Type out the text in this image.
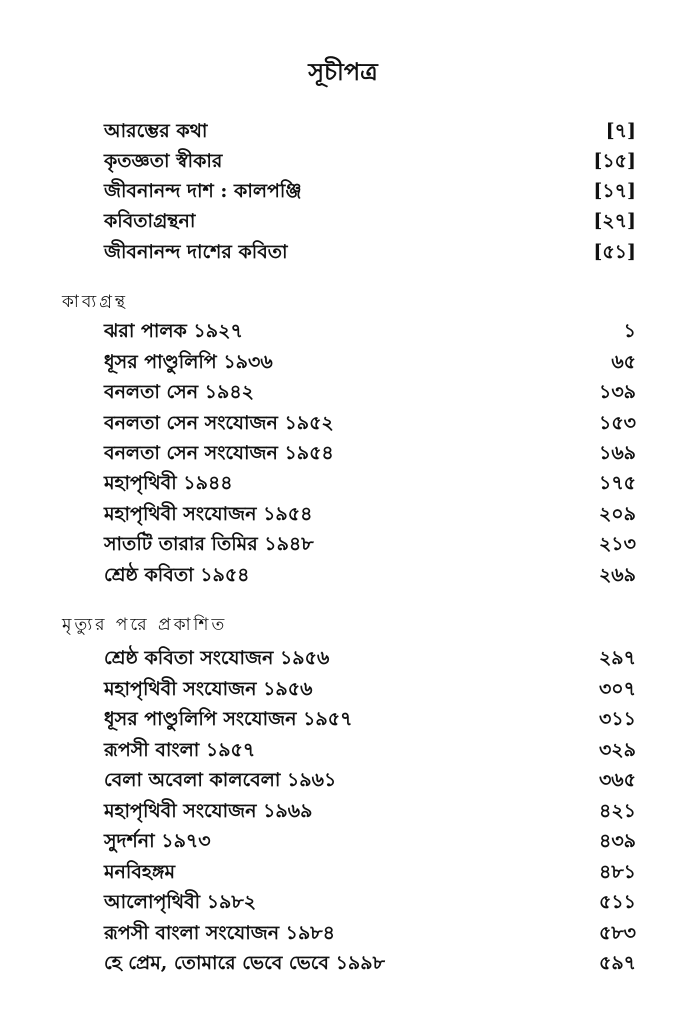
সূচীপত্র
আরম্ভের কথা	[৭]
কৃতজ্ঞতা স্বীকার	[১৫]
জীবনানন্দ দাশ : কালপঞ্জি	[১৭]
কবিতাগ্রন্থনা	[২৭]
জীবনানন্দ দাশের কবিতা	[৫১]
কাব্যগ্রন্থ
ঝরা পালক ১৯২৭	১
ধূসর পাণ্ডুলিপি ১৯৩৬	৬৫
বনলতা সেন ১৯৪২	১৩৯
বনলতা সেন সংযোজন ১৯৫২	১৫৩
বনলতা সেন সংযোজন ১৯৫৪	১৬৯
মহাপৃথিবী ১৯৪৪	১৭৫
মহাপৃথিবী সংযোজন ১৯৫৪	২০৯
সাতটি তারার তিমির ১৯৪৮	২১৩
শ্রেষ্ঠ কবিতা ১৯৫৪	২৬৯
মৃত্যুর পরে প্রকাশিত
শ্রেষ্ঠ কবিতা সংযোজন ১৯৫৬	২৯৭
মহাপৃথিবী সংযোজন ১৯৫৬	৩০৭
ধূসর পাণ্ডুলিপি সংযোজন ১৯৫৭	৩১১
রূপসী বাংলা ১৯৫৭	৩২৯
বেলা অবেলা কালবেলা ১৯৬১	৩৬৫
মহাপৃথিবী সংযোজন ১৯৬৯	৪২১
সুদর্শনা ১৯৭৩	৪৩৯
মনবিহঙ্গম	৪৮১
আলোপৃথিবী ১৯৮২	৫১১
রূপসী বাংলা সংযোজন ১৯৮৪	৫৮৩
হে প্রেম, তোমারে ভেবে ভেবে ১৯৯৮	৫৯৭
